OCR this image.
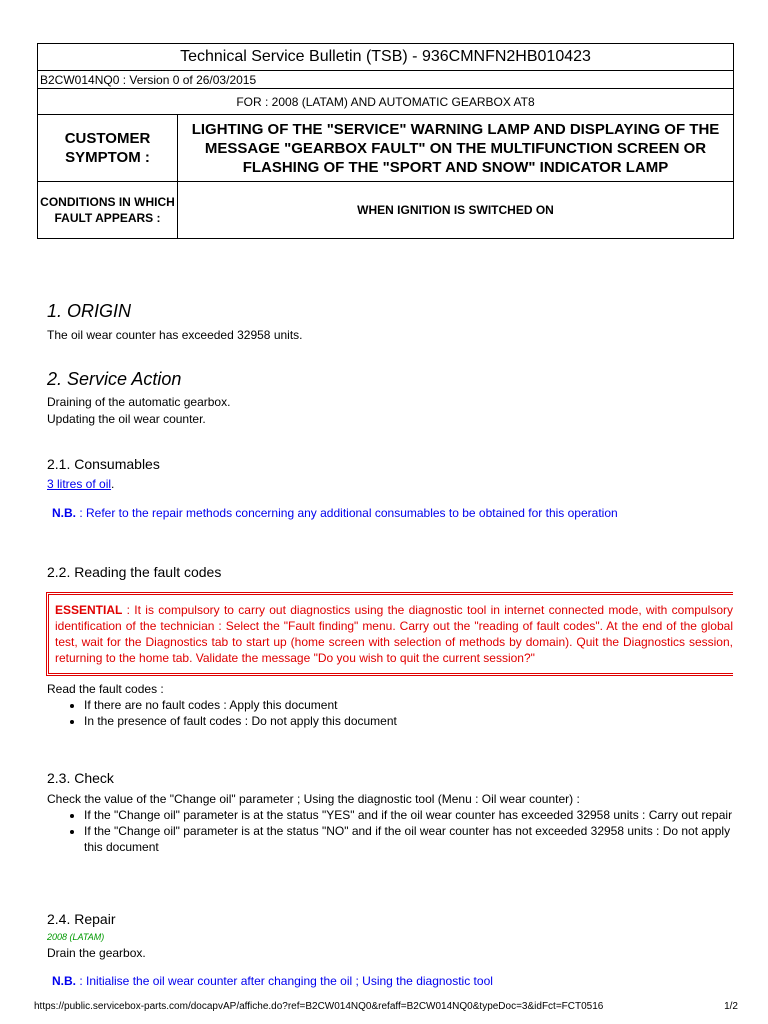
Technical Service Bulletin (TSB) - 936CMNFN2HB010423	
B2CW014NQ0 : Version 0 of 26/03/2015	
FOR : 2008 (LATAM) AND AUTOMATIC GEARBOX AT8	
CUSTOMER SYMPTOM :	LIGHTING OF THE "SERVICE" WARNING LAMP AND DISPLAYING OF THE MESSAGE "GEARBOX FAULT" ON THE MULTIFUNCTION SCREEN OR FLASHING OF THE "SPORT AND SNOW" INDICATOR LAMP
CONDITIONS IN WHICH FAULT APPEARS :	WHEN IGNITION IS SWITCHED ON
1. ORIGIN

The oil wear counter has exceeded 32958 units.

2. Service Action

Draining of the automatic gearbox.

Updating the oil wear counter.

2.1. Consumables

3 litres of oil.

N.B. : Refer to the repair methods concerning any additional consumables to be obtained for this operation

2.2. Reading the fault codes
ESSENTIAL : It is compulsory to carry out diagnostics using the diagnostic tool in internet connected mode, with compulsory identification of the technician : Select the "Fault finding" menu. Carry out the "reading of fault codes". At the end of the global test, wait for the Diagnostics tab to start up (home screen with selection of methods by domain). Quit the Diagnostics session, returning to the home tab. Validate the message "Do you wish to quit the current session?"

Read the fault codes :

• If there are no fault codes : Apply this document
• In the presence of fault codes : Do not apply this document
2.3. Check

Check the value of the "Change oil" parameter ; Using the diagnostic tool (Menu : Oil wear counter) :

• If the "Change oil" parameter is at the status "YES" and if the oil wear counter has exceeded 32958 units : Carry out repair
• If the "Change oil" parameter is at the status "NO" and if the oil wear counter has not exceeded 32958 units : Do not apply this document
2.4. Repair

2008 (LATAM)

Drain the gearbox.

N.B. : Initialise the oil wear counter after changing the oil ; Using the diagnostic tool

https://public.servicebox-parts.com/docapvAP/affiche.do?ref=B2CW014NQ0&refaff=B2CW014NQ0&typeDoc=3&idFct=FCT0516	1/2
